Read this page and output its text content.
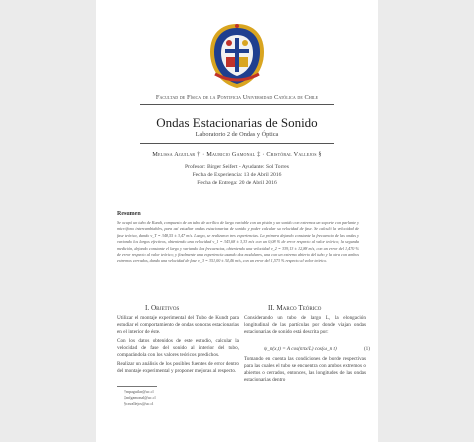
Facultad de Física de la Pontificia Universidad Católica de Chile
Ondas Estacionarias de Sonido
Laboratorio 2 de Ondas y Óptica
Melissa Aguilar † · Mauricio Gamonal ‡ · Cristóbal Vallejos §
Profesor: Birger Seifert - Ayudante: Sol Torres
Fecha de Experiencia: 13 de Abril 2016
Fecha de Entrega: 20 de Abril 2016
Resumen
Se ocupó un tubo de Kundt, compuesto de un tubo de acrílico de largo variable con un pistón y un sonido con extremos un soporte con parlante y micrófono intercambiables, para así estudiar ondas estacionarias de sonido y poder calcular su velocidad de fase. Se calculó la velocidad de fase teórica, dando v_T = 348,55 ± 3,47 m/s. Luego, se realizaron tres experiencias. La primera dejando constante la frecuencia de las ondas y variando los largos efectivos, obteniendo una velocidad v_1 = 343,68 ± 3,33 m/s con un 0,08 % de error respecto al valor teórico; la segunda medición, dejando constante el largo y variando las frecuencias, obteniendo una velocidad v_2 = 339,13 ± 12,88 m/s, con un error del 1,470 % de error respecto al valor teórico; y finalmente una experiencia usando dos modulares, una con un extremo abierto del tubo y la otra con ambos extremos cerrados, dando una velocidad de fase v_3 = 351,00 ± 34,46 m/s, con un error del 1,573 % respecto al valor teórico.
I. Objetivos	II. Marco Teórico
Utilizar el montaje experimental del Tubo de Kundt para estudiar el comportamiento de ondas sonoras estacionarias en el interior de éste.
Con los datos obtenidos de este estudio, calcular la velocidad de fase del sonido al interior del tubo, comparándola con los valores teóricos predichos.
Realizar un análisis de los posibles fuentes de error dentro del montaje experimental y proponer mejoras al respecto.
Considerando un tubo de largo L, la elongación longitudinal de las partículas por donde viajan ondas estacionarias de sonido está descrita por:
ψ_n(x,t) = A cos(nπx/L) cos(ω_n t)	(1)
Tomando en cuenta las condiciones de borde respectivas para las cuales el tubo se encuentra con ambos extremos o abiertos o cerrados, entonces, las longitudes de las ondas estacionarias dentro
†mpaguilar@uc.cl
‡mfgamonal@uc.cl
§cavallejos@uc.cl
